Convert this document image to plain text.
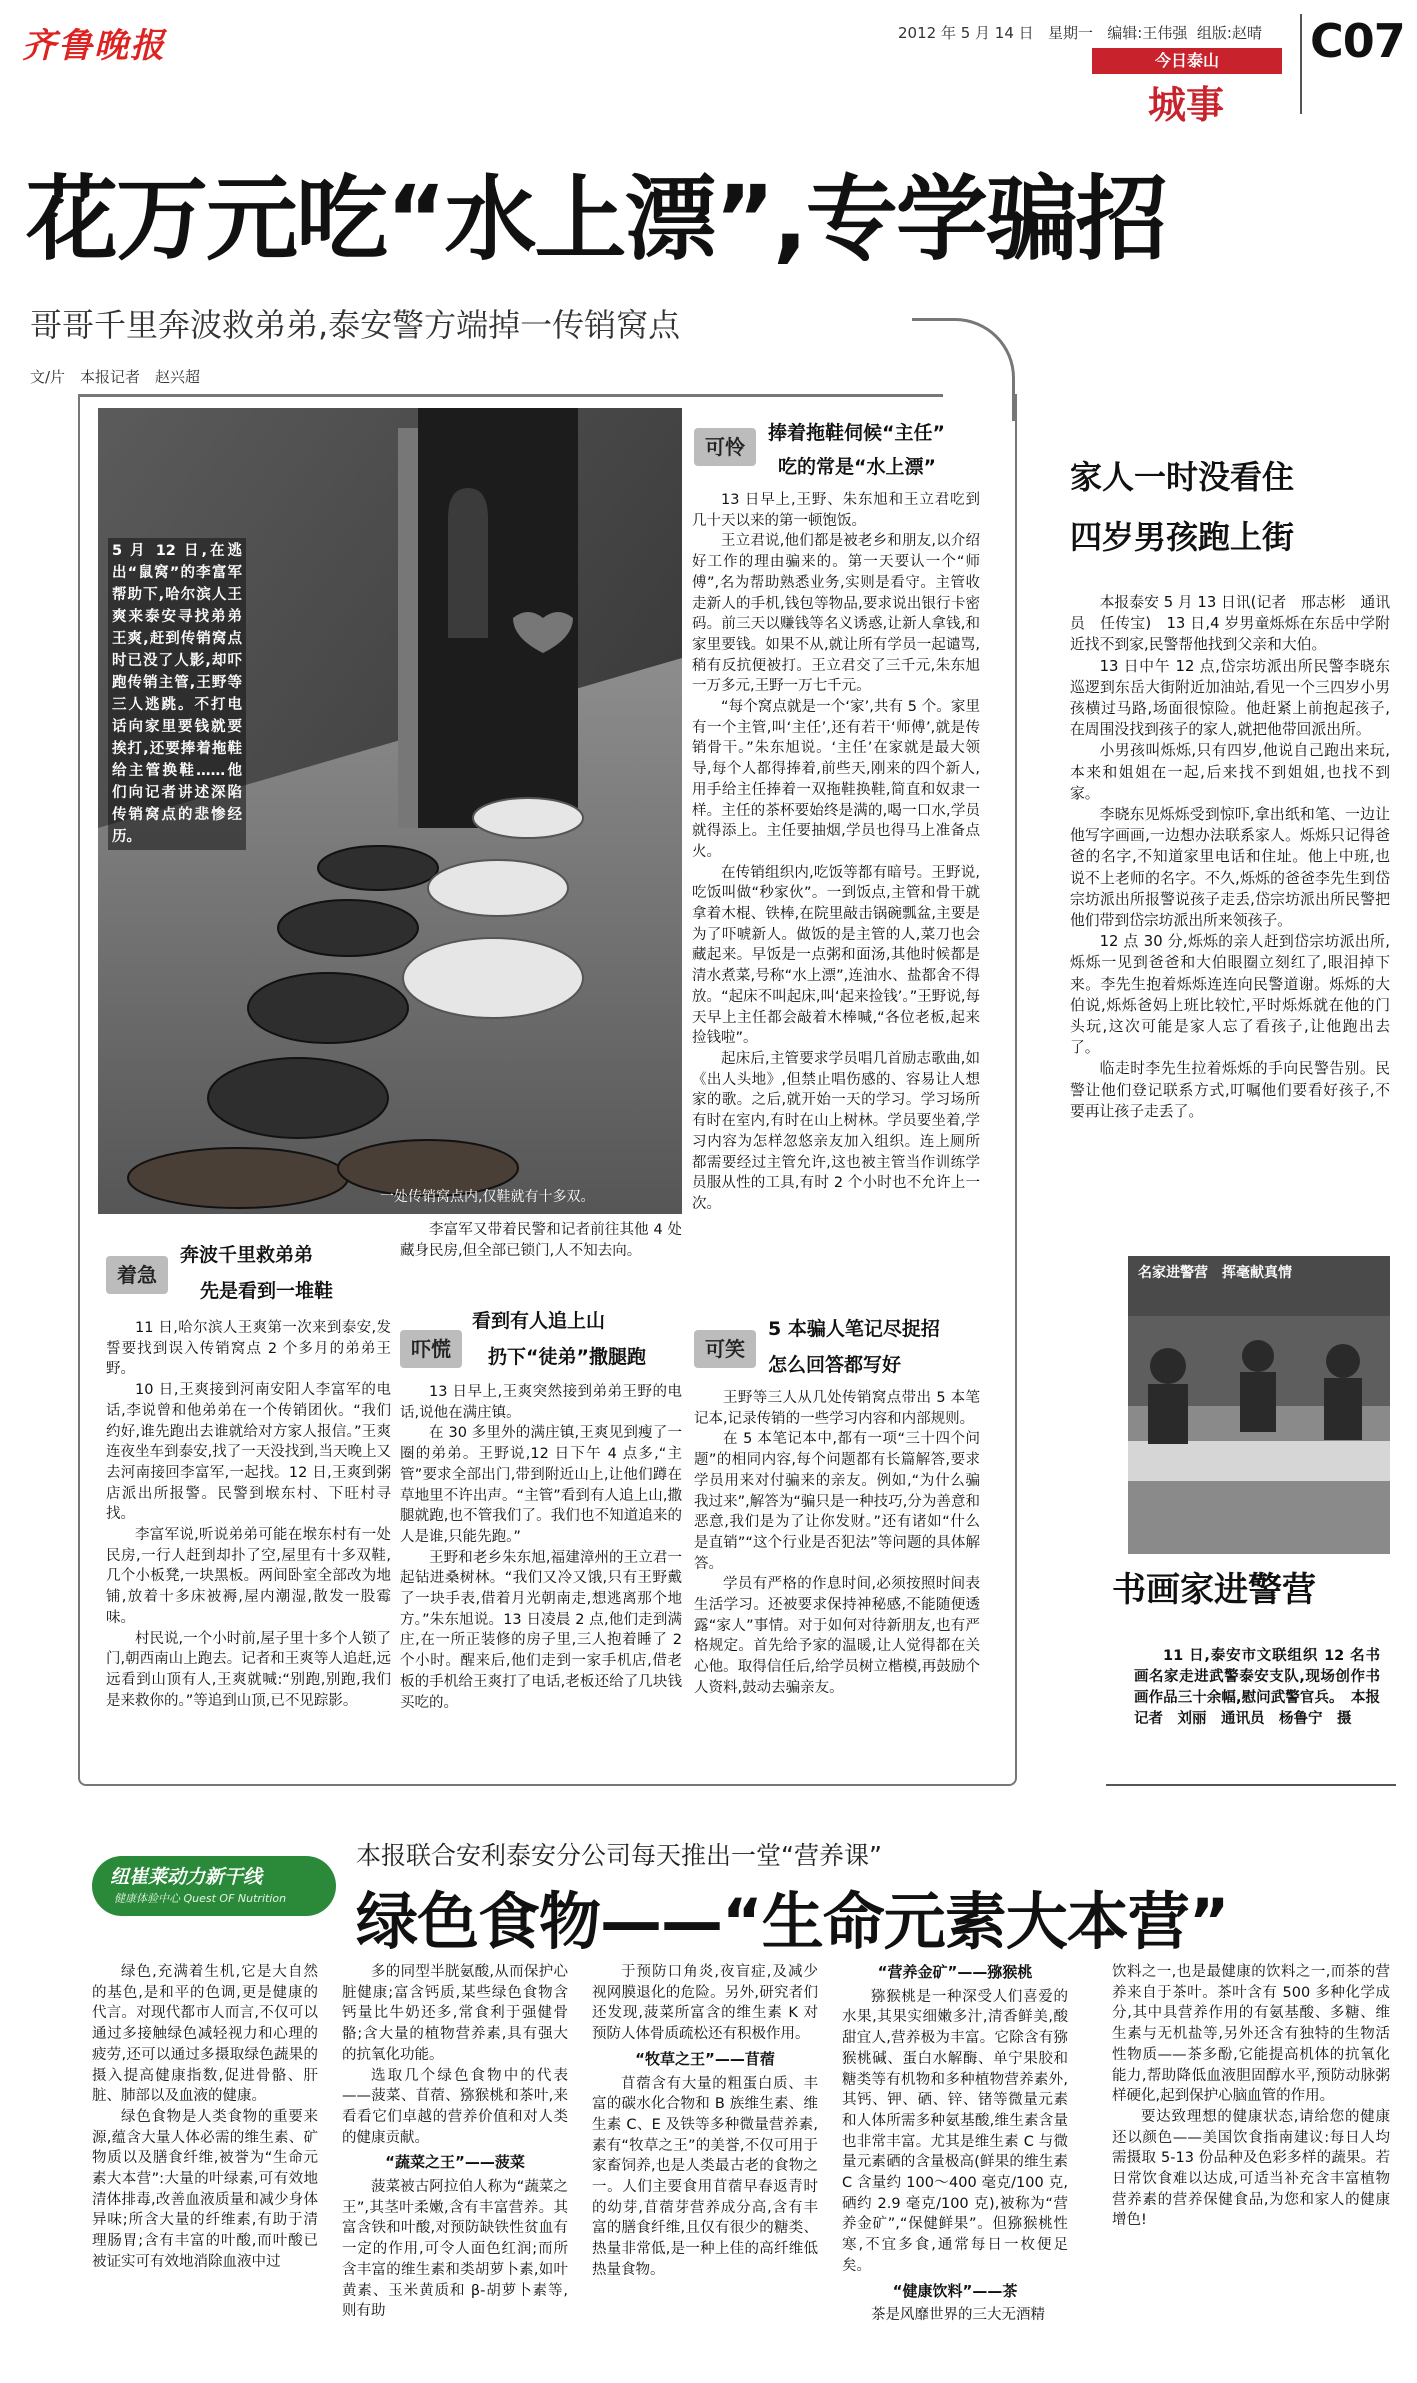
齐鲁晚报	2012 年 5 月 14 日 星期一 编辑:王伟强 组版:赵晴 C07
今日泰山
城事
花万元吃“水上漂”,专学骗招
哥哥千里奔波救弟弟,泰安警方端掉一传销窝点
文/片　本报记者　赵兴超
5 月 12 日,在逃出“鼠窝”的李富军帮助下,哈尔滨人王爽来泰安寻找弟弟王爽,赶到传销窝点时已没了人影,却吓跑传销主管,王野等三人逃跳。不打电话向家里要钱就要挨打,还要捧着拖鞋给主管换鞋……他们向记者讲述深陷传销窝点的悲惨经历。
一处传销窝点内,仅鞋就有十多双。
可怜
捧着拖鞋伺候“主任”
吃的常是“水上漂”

13 日早上,王野、朱东旭和王立君吃到几十天以来的第一顿饱饭。

王立君说,他们都是被老乡和朋友,以介绍好工作的理由骗来的。第一天要认一个“师傅”,名为帮助熟悉业务,实则是看守。主管收走新人的手机,钱包等物品,要求说出银行卡密码。前三天以赚钱等名义诱惑,让新人拿钱,和家里要钱。如果不从,就让所有学员一起谴骂,稍有反抗便被打。王立君交了三千元,朱东旭一万多元,王野一万七千元。

“每个窝点就是一个‘家’,共有 5 个。家里有一个主管,叫‘主任’,还有若干‘师傅’,就是传销骨干。”朱东旭说。‘主任’在家就是最大领导,每个人都得捧着,前些天,刚来的四个新人,用手给主任捧着一双拖鞋换鞋,简直和奴隶一样。主任的茶杯要始终是满的,喝一口水,学员就得添上。主任要抽烟,学员也得马上准备点火。

在传销组织内,吃饭等都有暗号。王野说,吃饭叫做“秒家伙”。一到饭点,主管和骨干就拿着木棍、铁棒,在院里敲击锅碗瓢盆,主要是为了吓唬新人。做饭的是主管的人,菜刀也会藏起来。早饭是一点粥和面汤,其他时候都是清水煮菜,号称“水上漂”,连油水、盐都舍不得放。“起床不叫起床,叫‘起来捡钱’。”王野说,每天早上主任都会敲着木棒喊,“各位老板,起来捡钱啦”。

起床后,主管要求学员唱几首励志歌曲,如《出人头地》,但禁止唱伤感的、容易让人想家的歌。之后,就开始一天的学习。学习场所有时在室内,有时在山上树林。学员要坐着,学习内容为怎样忽悠亲友加入组织。连上厕所都需要经过主管允许,这也被主管当作训练学员服从性的工具,有时 2 个小时也不允许上一次。

着急
奔波千里救弟弟
先是看到一堆鞋

11 日,哈尔滨人王爽第一次来到泰安,发誓要找到误入传销窝点 2 个多月的弟弟王野。

10 日,王爽接到河南安阳人李富军的电话,李说曾和他弟弟在一个传销团伙。“我们约好,谁先跑出去谁就给对方家人报信。”王爽连夜坐车到泰安,找了一天没找到,当天晚上又去河南接回李富军,一起找。12 日,王爽到粥店派出所报警。民警到堠东村、下旺村寻找。

李富军说,听说弟弟可能在堠东村有一处民房,一行人赶到却扑了空,屋里有十多双鞋,几个小板凳,一块黑板。两间卧室全部改为地铺,放着十多床被褥,屋内潮湿,散发一股霉味。

村民说,一个小时前,屋子里十多个人锁了门,朝西南山上跑去。记者和王爽等人追赶,远远看到山顶有人,王爽就喊:“别跑,别跑,我们是来救你的。”等追到山顶,已不见踪影。

李富军又带着民警和记者前往其他 4 处藏身民房,但全部已锁门,人不知去向。

吓慌
看到有人追上山
扔下“徒弟”撒腿跑

13 日早上,王爽突然接到弟弟王野的电话,说他在满庄镇。

在 30 多里外的满庄镇,王爽见到瘦了一圈的弟弟。王野说,12 日下午 4 点多,“主管”要求全部出门,带到附近山上,让他们蹲在草地里不许出声。“主管”看到有人追上山,撒腿就跑,也不管我们了。我们也不知道追来的人是谁,只能先跑。”

王野和老乡朱东旭,福建漳州的王立君一起钻进桑树林。“我们又冷又饿,只有王野戴了一块手表,借着月光朝南走,想逃离那个地方。”朱东旭说。13 日凌晨 2 点,他们走到满庄,在一所正装修的房子里,三人抱着睡了 2 个小时。醒来后,他们走到一家手机店,借老板的手机给王爽打了电话,老板还给了几块钱买吃的。

可笑
5 本骗人笔记尽捉招
怎么回答都写好

王野等三人从几处传销窝点带出 5 本笔记本,记录传销的一些学习内容和内部规则。

在 5 本笔记本中,都有一项“三十四个问题”的相同内容,每个问题都有长篇解答,要求学员用来对付骗来的亲友。例如,“为什么骗我过来”,解答为“骗只是一种技巧,分为善意和恶意,我们是为了让你发财。”还有诸如“什么是直销”“这个行业是否犯法”等问题的具体解答。

学员有严格的作息时间,必须按照时间表生活学习。还被要求保持神秘感,不能随便透露“家人”事情。对于如何对待新朋友,也有严格规定。首先给予家的温暖,让人觉得都在关心他。取得信任后,给学员树立楷模,再鼓励个人资料,鼓动去骗亲友。

家人一时没看住
四岁男孩跑上街

本报泰安 5 月 13 日讯(记者　邢志彬　通讯员　任传宝)　13 日,4 岁男童烁烁在东岳中学附近找不到家,民警帮他找到父亲和大伯。

13 日中午 12 点,岱宗坊派出所民警李晓东巡逻到东岳大街附近加油站,看见一个三四岁小男孩横过马路,场面很惊险。他赶紧上前抱起孩子,在周围没找到孩子的家人,就把他带回派出所。

小男孩叫烁烁,只有四岁,他说自己跑出来玩,本来和姐姐在一起,后来找不到姐姐,也找不到家。

李晓东见烁烁受到惊吓,拿出纸和笔、一边让他写字画画,一边想办法联系家人。烁烁只记得爸爸的名字,不知道家里电话和住址。他上中班,也说不上老师的名字。不久,烁烁的爸爸李先生到岱宗坊派出所报警说孩子走丢,岱宗坊派出所民警把他们带到岱宗坊派出所来领孩子。

12 点 30 分,烁烁的亲人赶到岱宗坊派出所,烁烁一见到爸爸和大伯眼圈立刻红了,眼泪掉下来。李先生抱着烁烁连连向民警道谢。烁烁的大伯说,烁烁爸妈上班比较忙,平时烁烁就在他的门头玩,这次可能是家人忘了看孩子,让他跑出去了。

临走时李先生拉着烁烁的手向民警告别。民警让他们登记联系方式,叮嘱他们要看好孩子,不要再让孩子走丢了。

名家进警营　挥毫献真情
书画家进警营
11 日,泰安市文联组织 12 名书画名家走进武警泰安支队,现场创作书画作品三十余幅,慰问武警官兵。　本报记者　刘丽　通讯员　杨鲁宁　摄
纽崔莱动力新干线
健康体验中心 Quest OF Nutrition
本报联合安利泰安分公司每天推出一堂“营养课”
绿色食物——“生命元素大本营”

绿色,充满着生机,它是大自然的基色,是和平的色调,更是健康的代言。对现代都市人而言,不仅可以通过多接触绿色减轻视力和心理的疲劳,还可以通过多摄取绿色蔬果的摄入提高健康指数,促进骨骼、肝脏、肺部以及血液的健康。

绿色食物是人类食物的重要来源,蕴含大量人体必需的维生素、矿物质以及膳食纤维,被誉为“生命元素大本营”:大量的叶绿素,可有效地清体排毒,改善血液质量和减少身体异味;所含大量的纤维素,有助于清理肠胃;含有丰富的叶酸,而叶酸已被证实可有效地消除血液中过

多的同型半胱氨酸,从而保护心脏健康;富含钙质,某些绿色食物含钙量比牛奶还多,常食利于强健骨骼;含大量的植物营养素,具有强大的抗氧化功能。

选取几个绿色食物中的代表——菠菜、苜蓿、猕猴桃和茶叶,来看看它们卓越的营养价值和对人类的健康贡献。

“蔬菜之王”——菠菜

菠菜被古阿拉伯人称为“蔬菜之王”,其茎叶柔嫩,含有丰富营养。其富含铁和叶酸,对预防缺铁性贫血有一定的作用,可令人面色红润;而所含丰富的维生素和类胡萝卜素,如叶黄素、玉米黄质和 β-胡萝卜素等,则有助

于预防口角炎,夜盲症,及减少视网膜退化的危险。另外,研究者们还发现,菠菜所富含的维生素 K 对预防人体骨质疏松还有积极作用。

“牧草之王”——苜蓿

苜蓿含有大量的粗蛋白质、丰富的碳水化合物和 B 族维生素、维生素 C、E 及铁等多种微量营养素,素有“牧草之王”的美誉,不仅可用于家畜饲养,也是人类最古老的食物之一。人们主要食用苜蓿早春返青时的幼芽,苜蓿芽营养成分高,含有丰富的膳食纤维,且仅有很少的糖类、热量非常低,是一种上佳的高纤维低热量食物。

“营养金矿”——猕猴桃

猕猴桃是一种深受人们喜爱的水果,其果实细嫩多汁,清香鲜美,酸甜宜人,营养极为丰富。它除含有猕猴桃碱、蛋白水解酶、单宁果胶和糖类等有机物和多种植物营养素外,其钙、钾、硒、锌、锗等微量元素和人体所需多种氨基酸,维生素含量也非常丰富。尤其是维生素 C 与微量元素硒的含量极高(鲜果的维生素 C 含量约 100～400 毫克/100 克,硒约 2.9 毫克/100 克),被称为“营养金矿”,“保健鲜果”。但猕猴桃性寒,不宜多食,通常每日一枚便足矣。

“健康饮料”——茶

茶是风靡世界的三大无酒精

饮料之一,也是最健康的饮料之一,而茶的营养来自于茶叶。茶叶含有 500 多种化学成分,其中具营养作用的有氨基酸、多糖、维生素与无机盐等,另外还含有独特的生物活性物质——茶多酚,它能提高机体的抗氧化能力,帮助降低血液胆固醇水平,预防动脉粥样硬化,起到保护心脑血管的作用。

要达致理想的健康状态,请给您的健康还以颜色——美国饮食指南建议:每日人均需摄取 5-13 份品种及色彩多样的蔬果。若日常饮食难以达成,可适当补充含丰富植物营养素的营养保健食品,为您和家人的健康增色!
